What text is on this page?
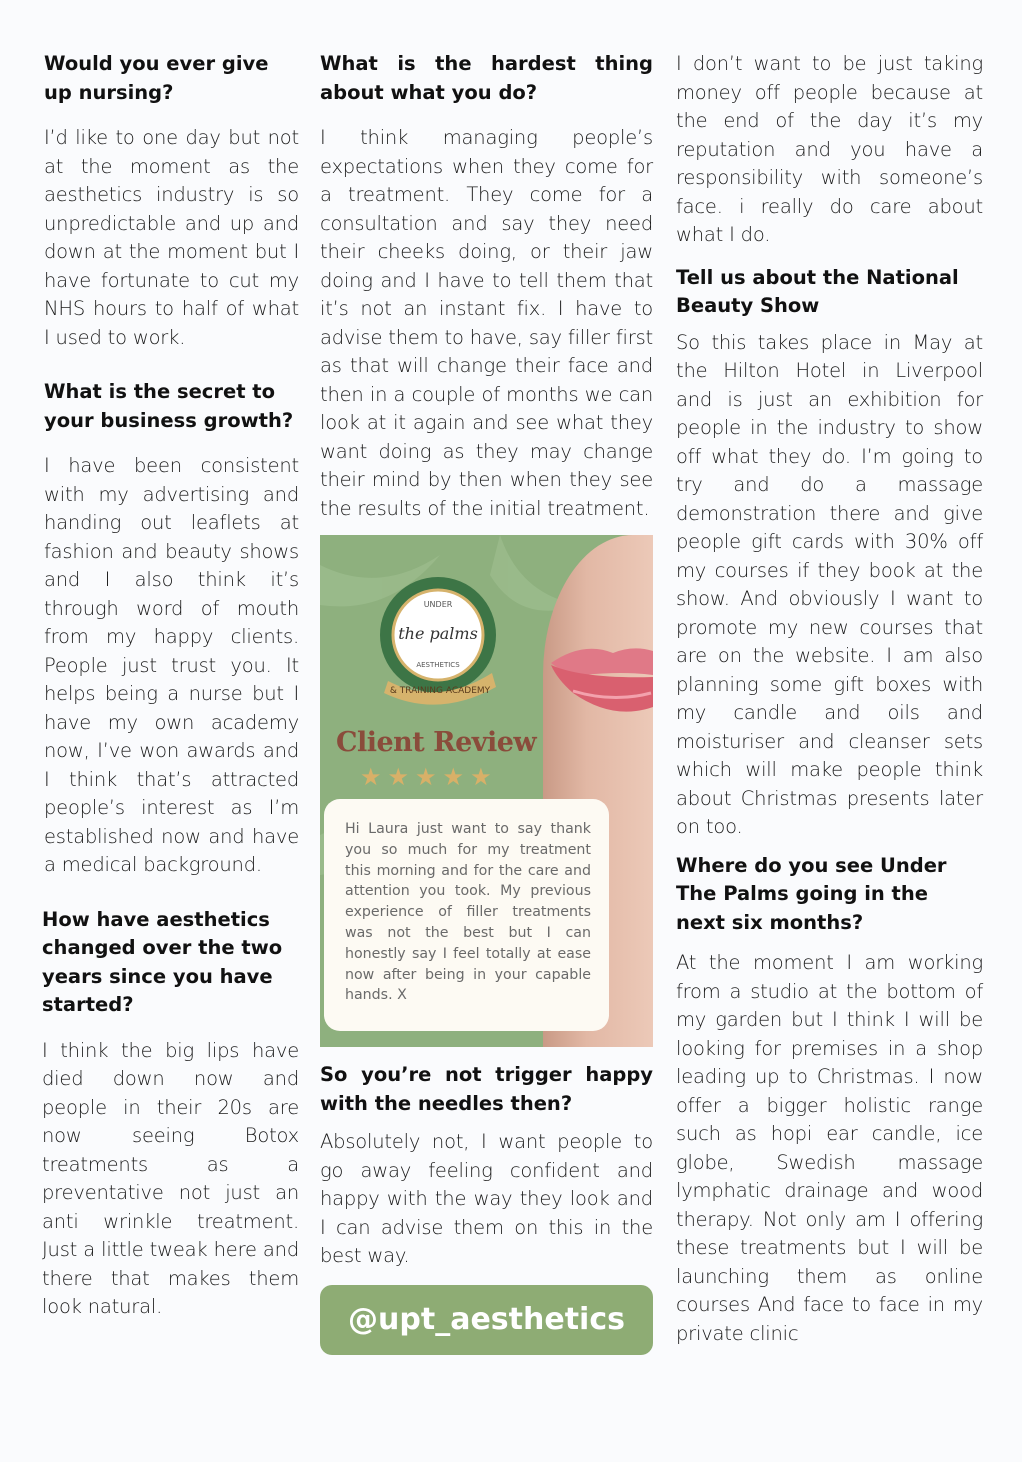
Would you ever give up nursing?

I’d like to one day but not at the moment as the aesthetics industry is so unpredictable and up and down at the moment but I have fortunate to cut my NHS hours to half of what I used to work.

What is the secret to your business growth?

I have been consistent with my advertising and handing out leaflets at fashion and beauty shows and I also think it’s through word of mouth from my happy clients. People just trust you. It helps being a nurse but I have my own academy now, I’ve won awards and I think that’s attracted people’s interest as I’m established now and have a medical background.

How have aesthetics changed over the two years since you have started?

I think the big lips have died down now and people in their 20s are now seeing Botox treatments as a preventative not just an anti wrinkle treatment. Just a little tweak here and there that makes them look natural.

What is the hardest thing about what you do?

I think managing people’s expectations when they come for a treatment. They come for a consultation and say they need their cheeks doing, or their jaw doing and I have to tell them that it’s not an instant fix. I have to advise them to have, say filler first as that will change their face and then in a couple of months we can look at it again and see what they want doing as they may change their mind by then when they see the results of the initial treatment.

UNDER
the palms
AESTHETICS
& TRAINING ACADEMY
Client Review
★★★★★

Hi Laura just want to say thank you so much for my treatment this morning and for the care and attention you took. My previous experience of filler treatments was not the best but I can honestly say I feel totally at ease now after being in your capable hands. X

So you’re not trigger happy with the needles then?

Absolutely not, I want people to go away feeling confident and happy with the way they look and I can advise them on this in the best way.

@upt_aesthetics

I don’t want to be just taking money off people because at the end of the day it’s my reputation and you have a responsibility with someone’s face. i really do care about what I do.

Tell us about the National Beauty Show

So this takes place in May at the Hilton Hotel in Liverpool and is just an exhibition for people in the industry to show off what they do. I’m going to try and do a massage demonstration there and give people gift cards with 30% off my courses if they book at the show. And obviously I want to promote my new courses that are on the website. I am also planning some gift boxes with my candle and oils and moisturiser and cleanser sets which will make people think about Christmas presents later on too.

Where do you see Under The Palms going in the next six months?

At the moment I am working from a studio at the bottom of my garden but I think I will be looking for premises in a shop leading up to Christmas. I now offer a bigger holistic range such as hopi ear candle, ice globe, Swedish massage lymphatic drainage and wood therapy. Not only am I offering these treatments but I will be launching them as online courses And face to face in my private clinic
